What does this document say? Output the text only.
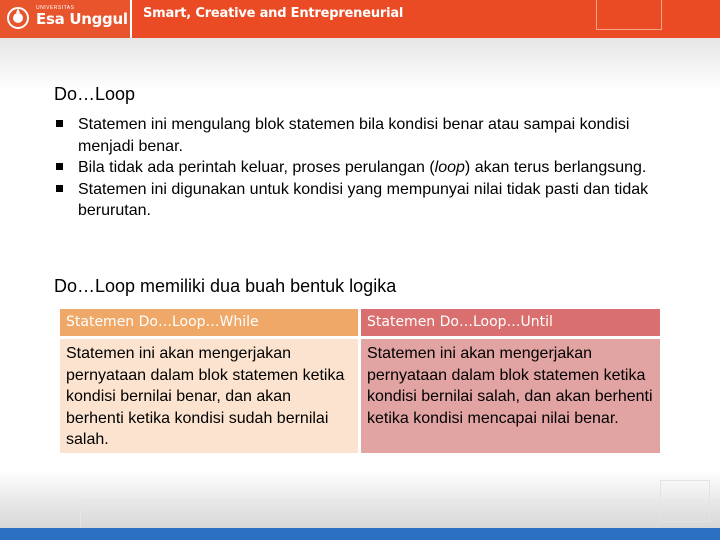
UNIVERSITAS
Esa Unggul Smart, Creative and Entrepreneurial
Do…Loop
Statemen ini mengulang blok statemen bila kondisi benar atau sampai kondisi menjadi benar.
Bila tidak ada perintah keluar, proses perulangan (loop) akan terus berlangsung.
Statemen ini digunakan untuk kondisi yang mempunyai nilai tidak pasti dan tidak berurutan.
Do…Loop memiliki dua buah bentuk logika
Statemen Do…Loop…While	Statemen Do…Loop…Until
Statemen ini akan mengerjakan pernyataan dalam blok statemen ketika kondisi bernilai benar, dan akan berhenti ketika kondisi sudah bernilai salah.
Statemen ini akan mengerjakan pernyataan dalam blok statemen ketika kondisi bernilai salah, dan akan berhenti ketika kondisi mencapai nilai benar.
